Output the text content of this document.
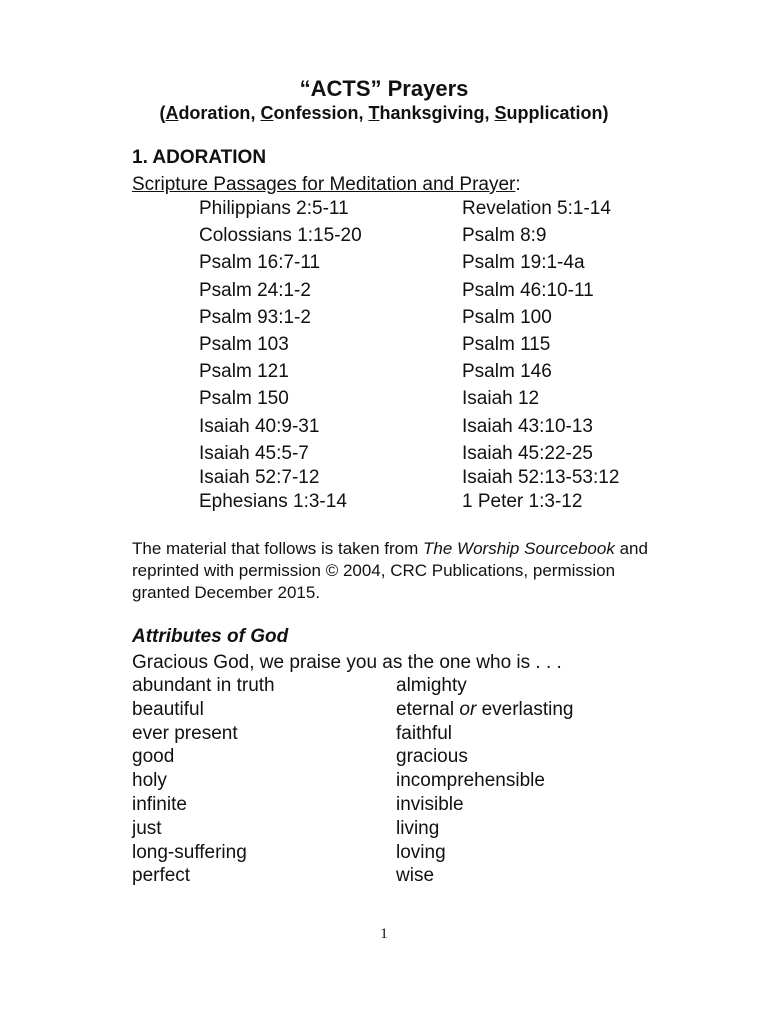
“ACTS” Prayers
(Adoration, Confession, Thanksgiving, Supplication)
1. ADORATION
Scripture Passages for Meditation and Prayer:
Philippians 2:5-11	Revelation 5:1-14
Colossians 1:15-20	Psalm 8:9
Psalm 16:7-11	Psalm 19:1-4a
Psalm 24:1-2	Psalm 46:10-11
Psalm 93:1-2	Psalm 100
Psalm 103	Psalm 115
Psalm 121	Psalm 146
Psalm 150	Isaiah 12
Isaiah 40:9-31	Isaiah 43:10-13
Isaiah 45:5-7	Isaiah 45:22-25
Isaiah 52:7-12	Isaiah 52:13-53:12
Ephesians 1:3-14	1 Peter 1:3-12
The material that follows is taken from The Worship Sourcebook and reprinted with permission © 2004, CRC Publications, permission granted December 2015.
Attributes of God
Gracious God, we praise you as the one who is . . .
abundant in truth	almighty
beautiful	eternal or everlasting
ever present	faithful
good	gracious
holy	incomprehensible
infinite	invisible
just	living
long-suffering	loving
perfect	wise
1
